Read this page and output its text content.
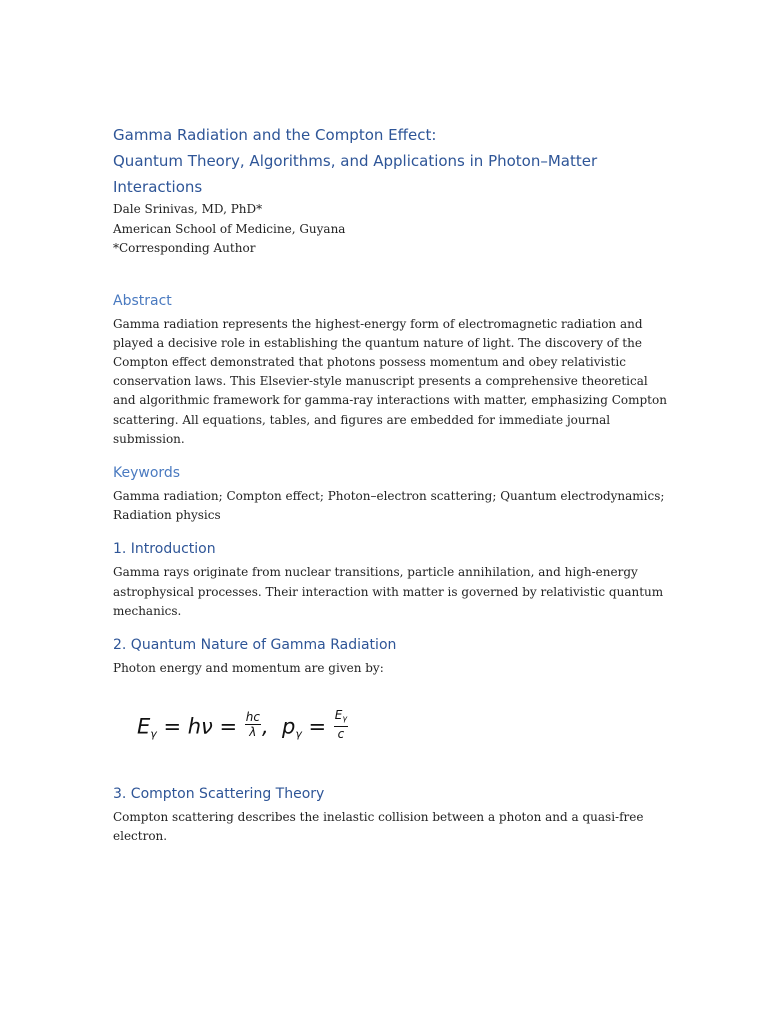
Gamma Radiation and the Compton Effect:

Quantum Theory, Algorithms, and Applications in Photon–Matter

Interactions

Dale Srinivas, MD, PhD*

American School of Medicine, Guyana

*Corresponding Author

Abstract

Gamma radiation represents the highest-energy form of electromagnetic radiation and played a decisive role in establishing the quantum nature of light. The discovery of the Compton effect demonstrated that photons possess momentum and obey relativistic conservation laws. This Elsevier-style manuscript presents a comprehensive theoretical and algorithmic framework for gamma-ray interactions with matter, emphasizing Compton scattering. All equations, tables, and figures are embedded for immediate journal submission.

Keywords

Gamma radiation; Compton effect; Photon–electron scattering; Quantum electrodynamics; Radiation physics

1. Introduction

Gamma rays originate from nuclear transitions, particle annihilation, and high-energy astrophysical processes. Their interaction with matter is governed by relativistic quantum mechanics.

2. Quantum Nature of Gamma Radiation

Photon energy and momentum are given by:

$E_\gamma = h\nu = \frac{hc}{\lambda}$ ,  $p_\gamma = \frac{E_\gamma}{c}$
3. Compton Scattering Theory

Compton scattering describes the inelastic collision between a photon and a quasi-free electron.
